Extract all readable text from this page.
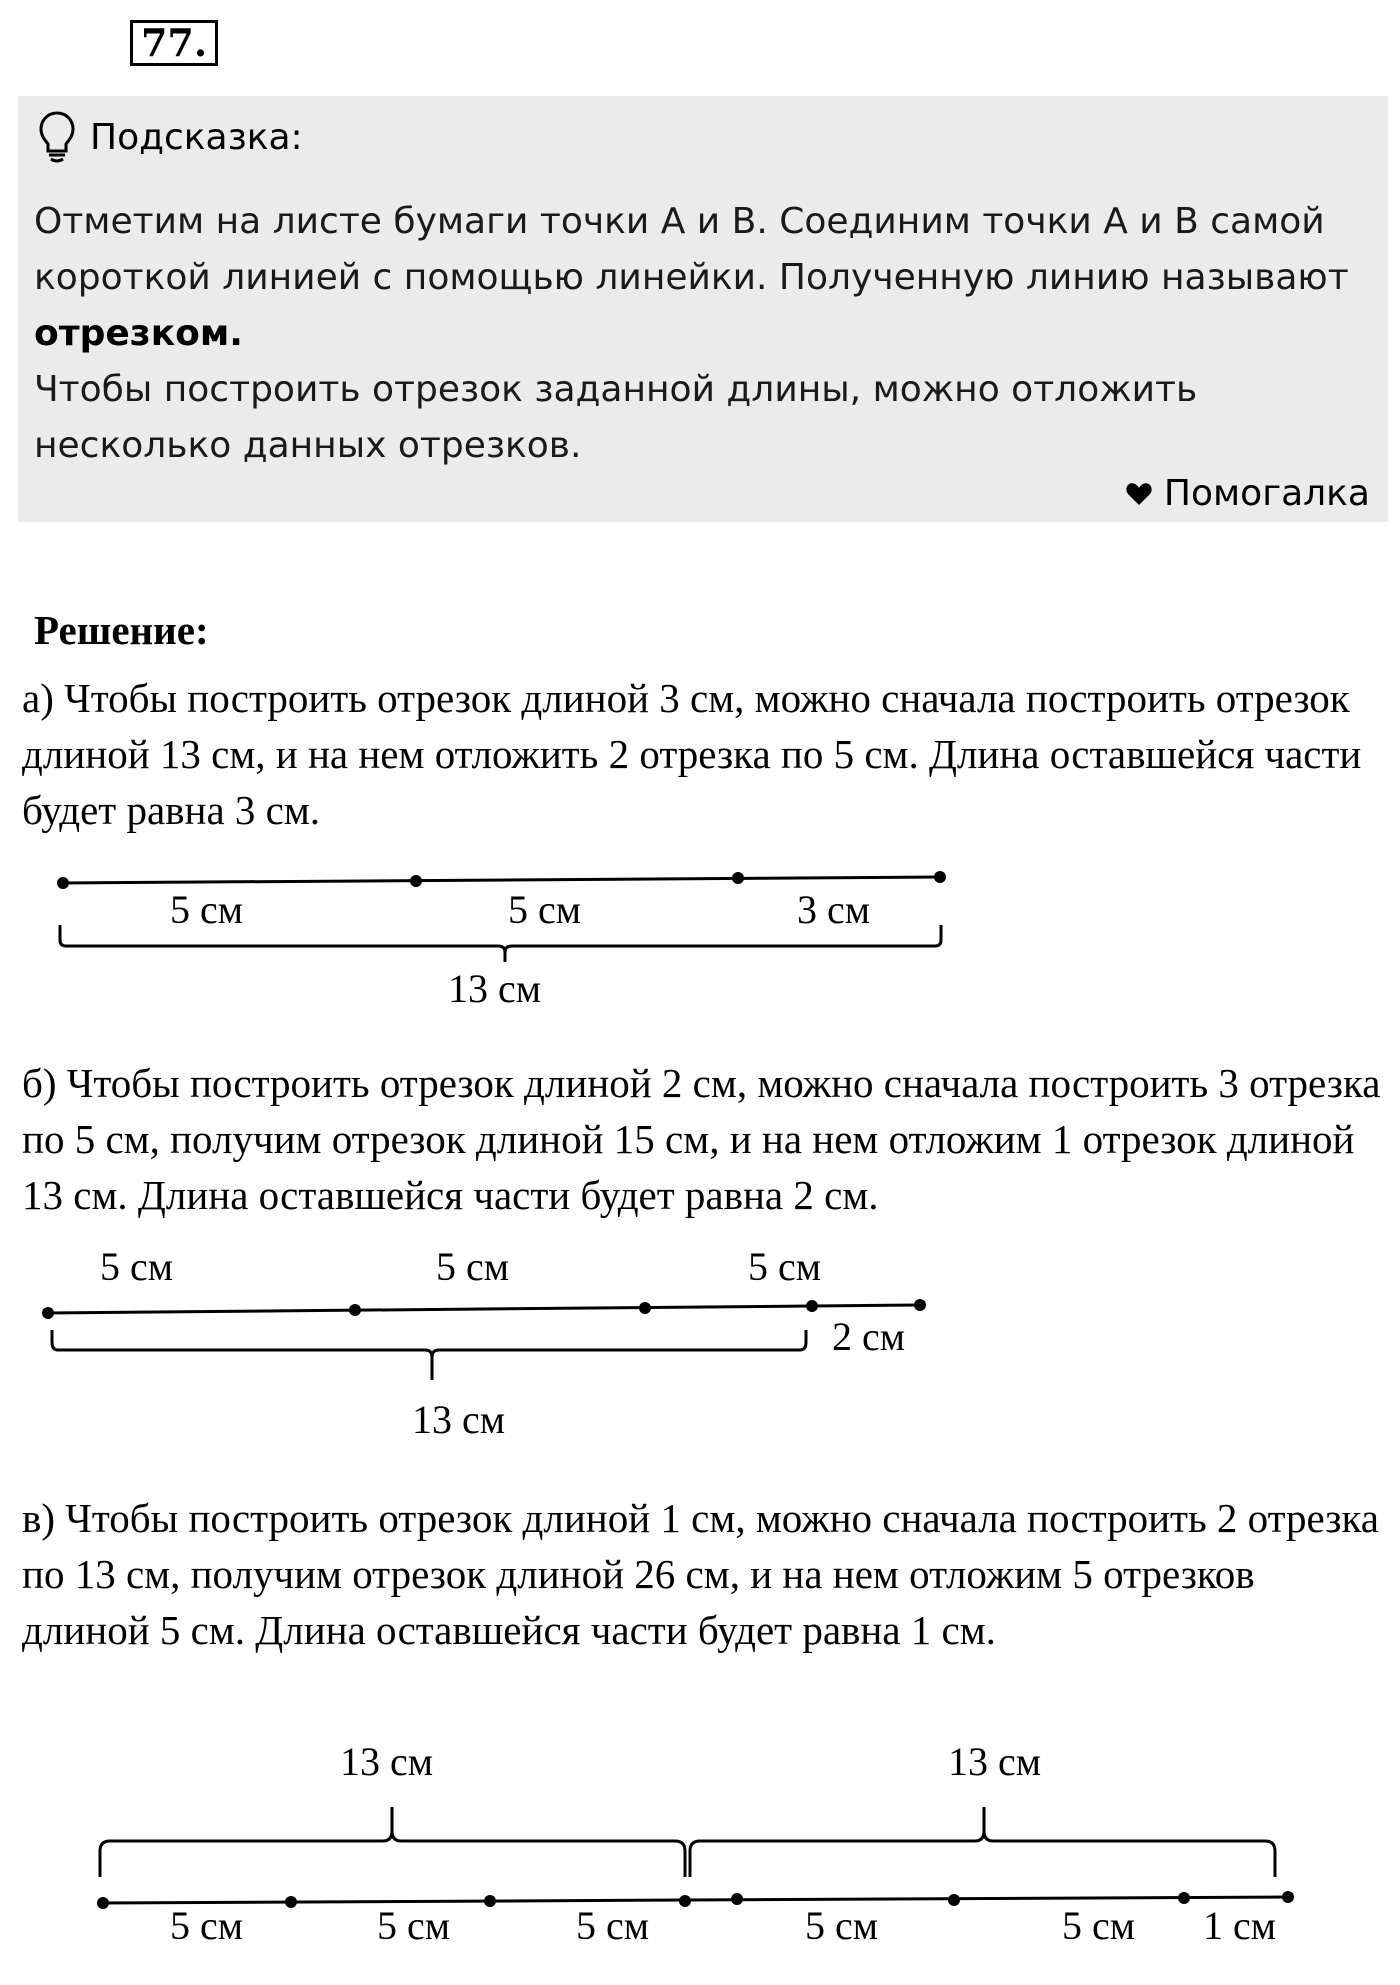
77.
Подсказка:

Отметим на листе бумаги точки А и В. Соединим точки А и В самой короткой линией с помощью линейки. Полученную линию называют отрезком.

Чтобы построить отрезок заданной длины, можно отложить несколько данных отрезков.

Помогалка
Решение:
а) Чтобы построить отрезок длиной 3 см, можно сначала построить отрезок длиной 13 см, и на нем отложить 2 отрезка по 5 см. Длина оставшейся части будет равна 3 см.
5 см	5 см	3 см
13 см
б) Чтобы построить отрезок длиной 2 см, можно сначала построить 3 отрезка по 5 см, получим отрезок длиной 15 см, и на нем отложим 1 отрезок длиной 13 см. Длина оставшейся части будет равна 2 см.
5 см	5 см	5 см
2 см
13 см
в) Чтобы построить отрезок длиной 1 см, можно сначала построить 2 отрезка по 13 см, получим отрезок длиной 26 см, и на нем отложим 5 отрезков длиной 5 см. Длина оставшейся части будет равна 1 см.
13 см	13 см
5 см	5 см	5 см	5 см	5 см 1 см
